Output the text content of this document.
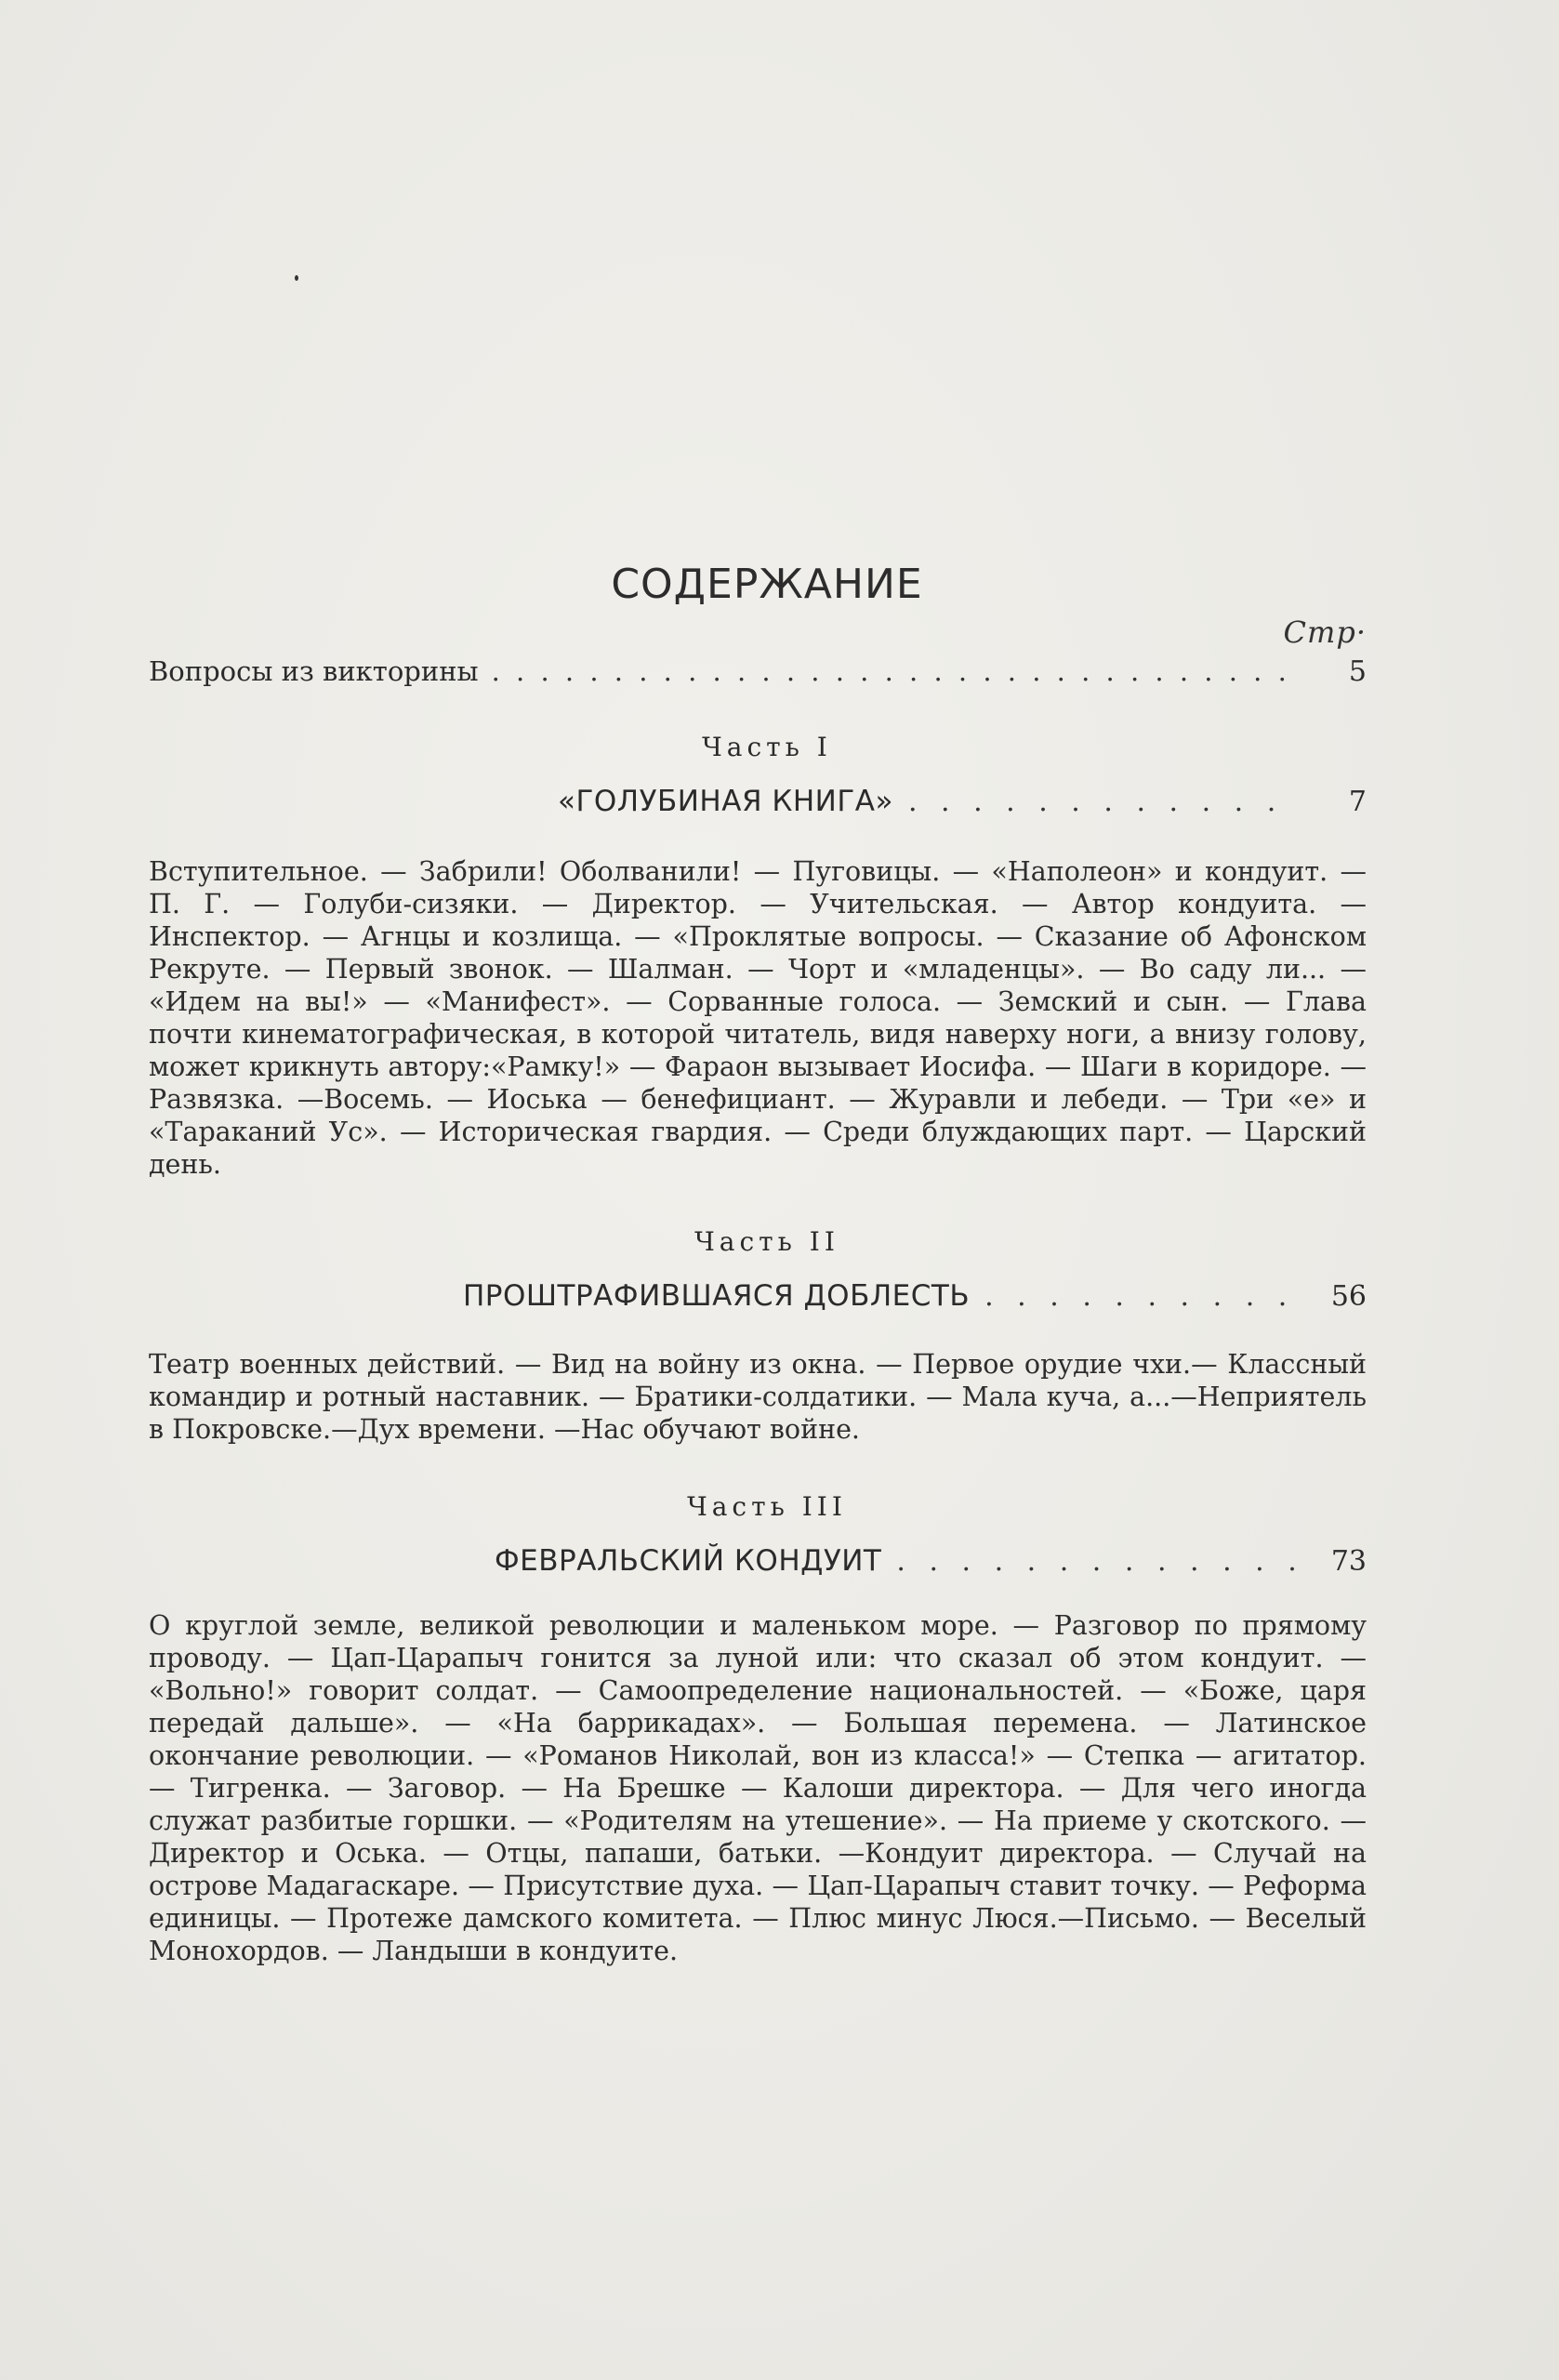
СОДЕРЖАНИЕ
Стр·
Вопросы из викторины . . .	5
Часть I
«ГОЛУБИНАЯ КНИГА» . . .	7

Вступительное. — Забрили! Оболванили! — Пуговицы. — «Наполеон» и кондуит. — П. Г. — Голуби-сизяки. — Директор. — Учительская. — Автор кондуита. — Инспектор. — Агнцы и козлища. — «Проклятые вопросы. — Сказание об Афонском Рекруте. — Первый звонок. — Шалман. — Чорт и «младенцы». — Во саду ли... — «Идем на вы!» — «Манифест». — Сорванные голоса. — Земский и сын. — Глава почти кинематографическая, в которой читатель, видя наверху ноги, а внизу голову, может крикнуть автору:«Рамку!» — Фараон вызывает Иосифа. — Шаги в коридоре. — Развязка. —Восемь. — Иоська — бенефициант. — Журавли и лебеди. — Три «е» и «Тараканий Ус». — Историческая гвардия. — Среди блуждающих парт. — Царский день.

Часть II
ПРОШТРАФИВШАЯСЯ ДОБЛЕСТЬ . . .	56

Театр военных действий. — Вид на войну из окна. — Первое орудие чхи.— Классный командир и ротный наставник. — Братики-солдатики. — Мала куча, а...—Неприятель в Покровске.—Дух времени. —Нас обучают войне.

Часть III
ФЕВРАЛЬСКИЙ КОНДУИТ . . .	73

О круглой земле, великой революции и маленьком море. — Разговор по прямому проводу. — Цап-Царапыч гонится за луной или: что сказал об этом кондуит. — «Вольно!» говорит солдат. — Самоопределение национальностей. — «Боже, царя передай дальше». — «На баррикадах». — Большая перемена. — Латинское окончание революции. — «Романов Николай, вон из класса!» — Степка — агитатор. — Тигренка. — Заговор. — На Брешке — Калоши директора. — Для чего иногда служат разбитые горшки. — «Родителям на утешение». — На приеме у скотского. — Директор и Оська. — Отцы, папаши, батьки. —Кондуит директора. — Случай на острове Мадагаскаре. — Присутствие духа. — Цап-Царапыч ставит точку. — Реформа единицы. — Протеже дамского комитета. — Плюс минус Люся.—Письмо. — Веселый Монохордов. — Ландыши в кондуите.
